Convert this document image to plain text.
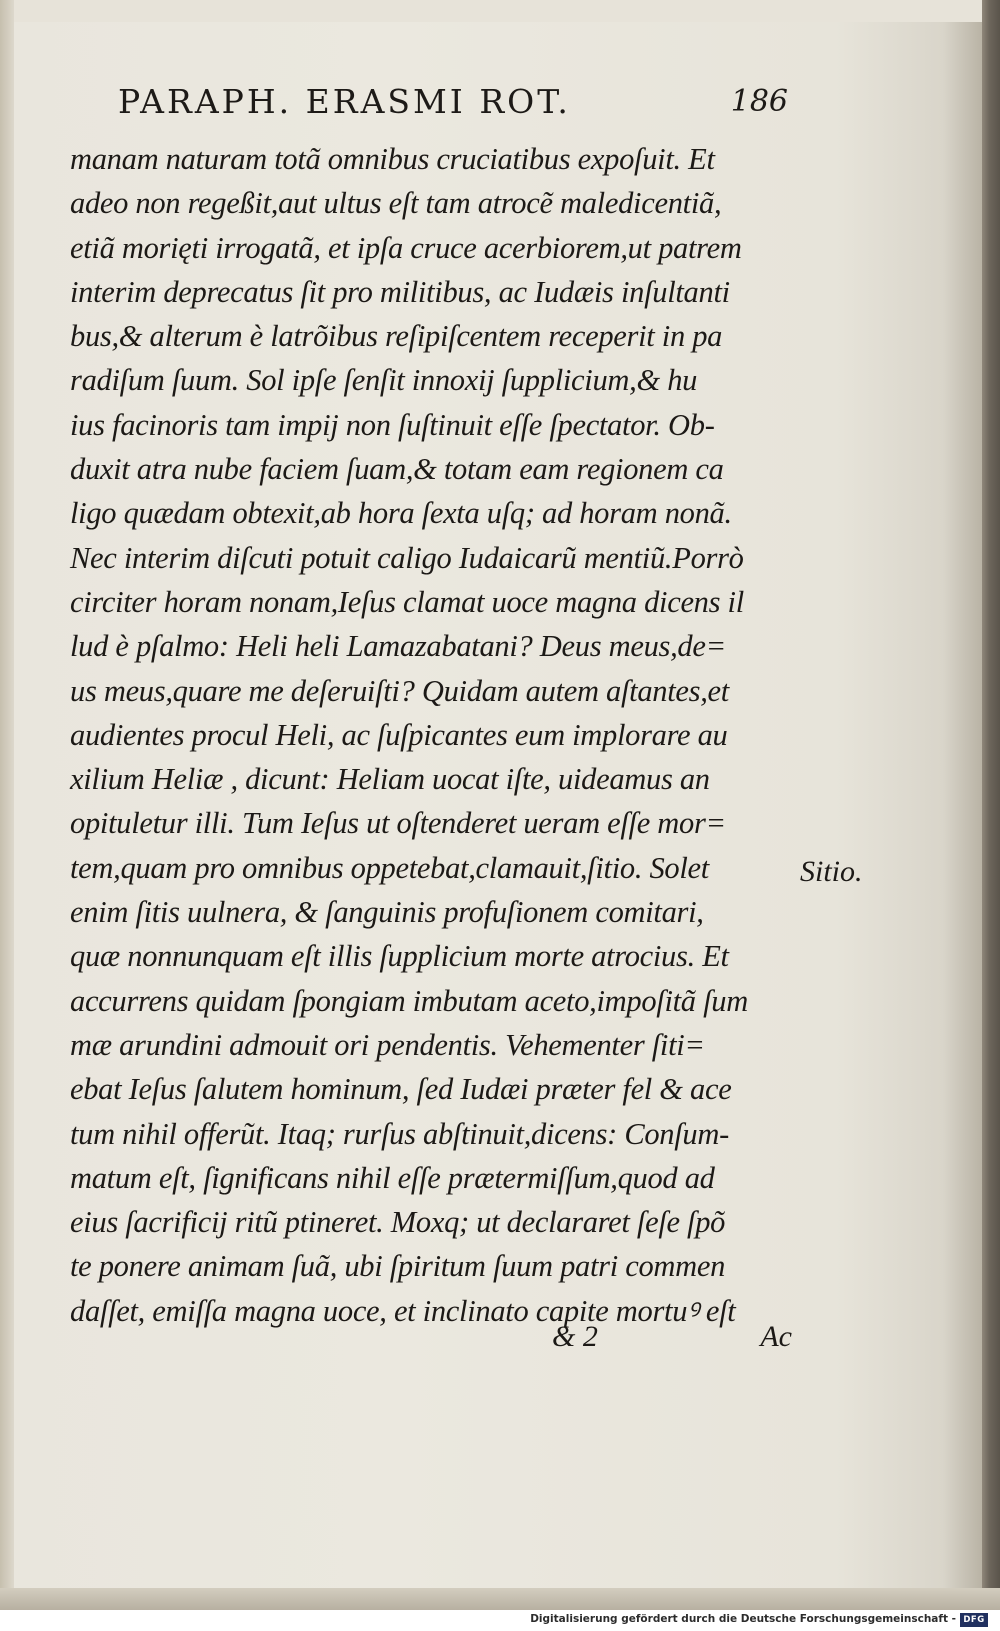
PARAPH. ERASMI ROT.	186
manam naturam totã omnibus cruciatibus expoſuit. Et
adeo non regeßit,aut ultus eſt tam atrocẽ maledicentiã,
etiã morięti irrogatã, et ipſa cruce acerbiorem,ut patrem
interim deprecatus ſit pro militibus, ac Iudæis inſultanti
bus,& alterum è latrõibus reſipiſcentem receperit in pa
radiſum ſuum. Sol ipſe ſenſit innoxij ſupplicium,& hu
ius facinoris tam impij non ſuſtinuit eſſe ſpectator. Ob-
duxit atra nube faciem ſuam,& totam eam regionem ca
ligo quædam obtexit,ab hora ſexta uſq; ad horam nonã.
Nec interim diſcuti potuit caligo Iudaicarũ mentiũ.Porrò
circiter horam nonam,Ieſus clamat uoce magna dicens il
lud è pſalmo: Heli heli Lamazabatani? Deus meus,de=
us meus,quare me deſeruiſti? Quidam autem aſtantes,et
audientes procul Heli, ac ſuſpicantes eum implorare au
xilium Heliæ , dicunt: Heliam uocat iſte, uideamus an
opituletur illi. Tum Ieſus ut oſtenderet ueram eſſe mor=
tem,quam pro omnibus oppetebat,clamauit,ſitio. Solet
enim ſitis uulnera, & ſanguinis profuſionem comitari,
quæ nonnunquam eſt illis ſupplicium morte atrocius. Et
accurrens quidam ſpongiam imbutam aceto,impoſitã ſum
mæ arundini admouit ori pendentis. Vehementer ſiti=
ebat Ieſus ſalutem hominum, ſed Iudæi præter fel & ace
tum nihil offerũt. Itaq; rurſus abſtinuit,dicens: Conſum-
matum eſt, ſignificans nihil eſſe prætermiſſum,quod ad
eius ſacrificij ritũ ptineret. Moxq; ut declararet ſeſe ſpõ
te ponere animam ſuã, ubi ſpiritum ſuum patri commen
daſſet, emiſſa magna uoce, et inclinato capite mortuꝰ eſt
Sitio.
& 2	Ac
Digitalisierung gefördert durch die Deutsche Forschungsgemeinschaft - DFG
